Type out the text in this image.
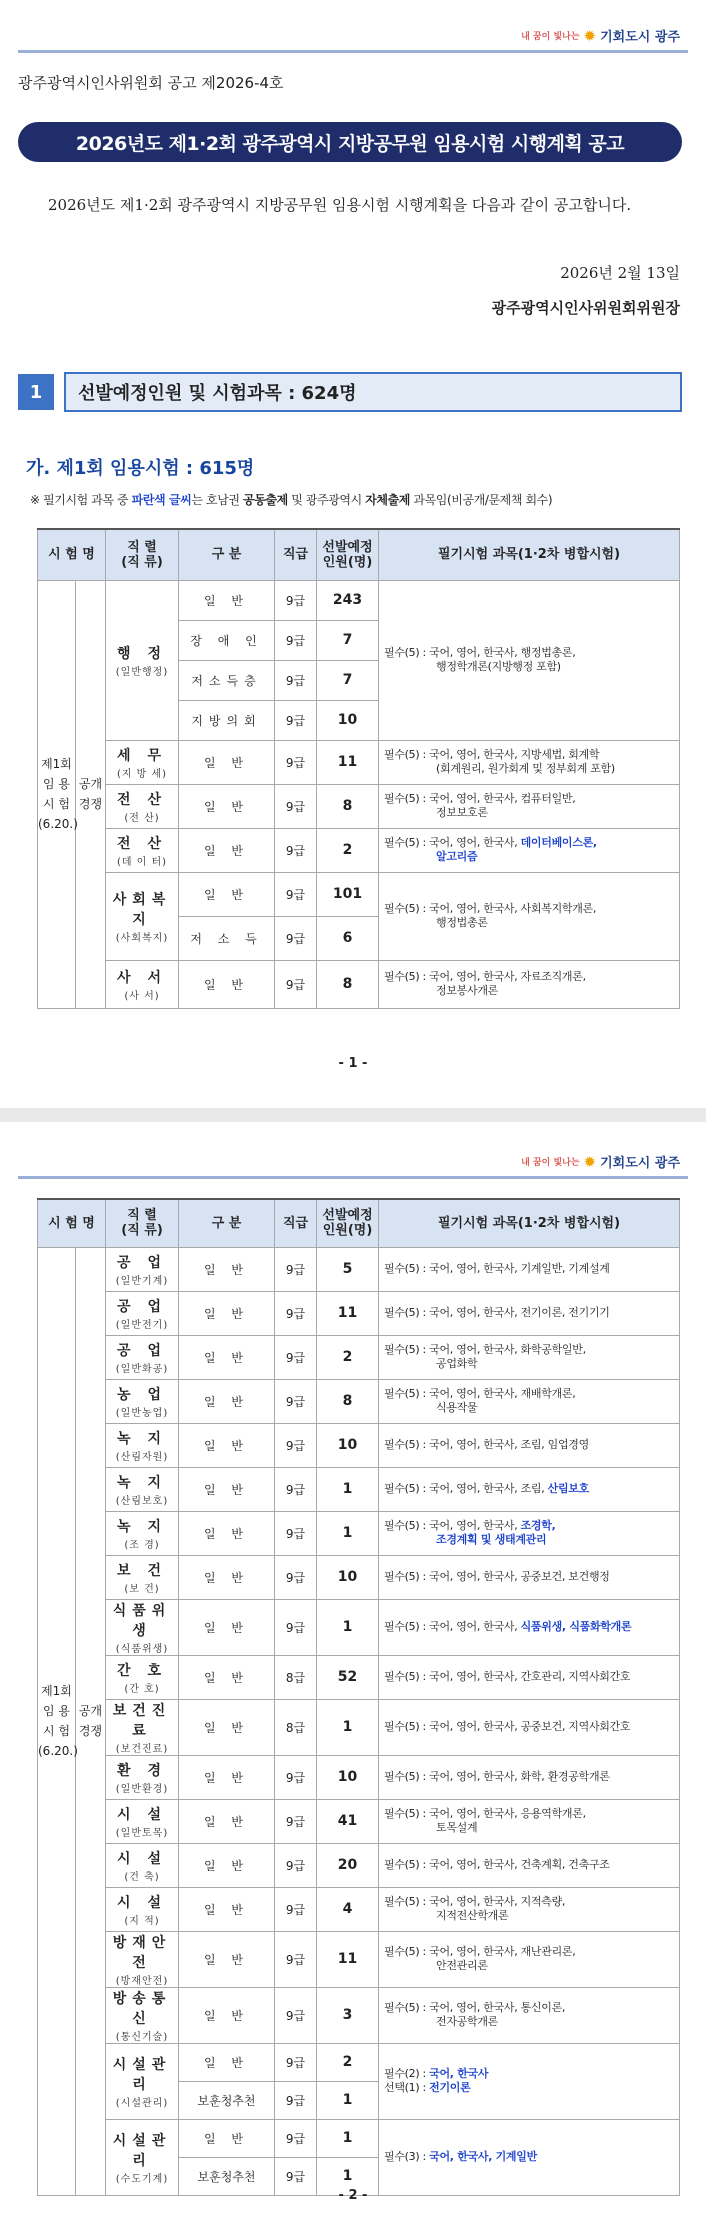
내 꿈이 빛나는 ✹ 기회도시 광주
광주광역시인사위원회 공고 제2026-4호
2026년도 제1·2회 광주광역시 지방공무원 임용시험 시행계획 공고
2026년도 제1·2회 광주광역시 지방공무원 임용시험 시행계획을 다음과 같이 공고합니다.
2026년 2월 13일
광주광역시인사위원회위원장
1	선발예정인원 및 시험과목 : 624명
가. 제1회 임용시험 : 615명
※ 필기시험 과목 중 파란색 글씨는 호남권 공동출제 및 광주광역시 자체출제 과목임(비공개/문제책 회수)
시 험 명		직 렬
(직 류)	구 분	직급	선발예정
인원(명)	필기시험 과목(1·2차 병합시험)
제1회
임 용
시 험
(6.20.)	공개
경쟁	행 정
(일반행정)	일 반	9급	243	필수(5) : 국어, 영어, 한국사, 행정법총론,
행정학개론(지방행정 포함)

			장 애 인	9급	7	
			저소득층	9급	7	
			지방의회	9급	10	

		세 무
(지 방 세)	일 반	9급	11	필수(5) : 국어, 영어, 한국사, 지방세법, 회계학
(회계원리, 원가회계 및 정부회계 포함)

		전 산
(전 산)	일 반	9급	8	필수(5) : 국어, 영어, 한국사, 컴퓨터일반,
정보보호론

		전 산
(데 이 터)	일 반	9급	2	필수(5) : 국어, 영어, 한국사, 데이터베이스론,
알고리즘

		사회복지
(사회복지)	일 반	9급	101	필수(5) : 국어, 영어, 한국사, 사회복지학개론,
행정법총론

			저 소 득	9급	6	

		사 서
(사 서)	일 반	9급	8	필수(5) : 국어, 영어, 한국사, 자료조직개론,
정보봉사개론
- 1 -
내 꿈이 빛나는 ✹ 기회도시 광주
시 험 명		직 렬
(직 류)	구 분	직급	선발예정
인원(명)	필기시험 과목(1·2차 병합시험)
제1회
임 용
시 험
(6.20.)	공개
경쟁	공 업
(일반기계)	일 반	9급	5	필수(5) : 국어, 영어, 한국사, 기계일반, 기계설계

		공 업
(일반전기)	일 반	9급	11	필수(5) : 국어, 영어, 한국사, 전기이론, 전기기기

		공 업
(일반화공)	일 반	9급	2	필수(5) : 국어, 영어, 한국사, 화학공학일반,
공업화학

		농 업
(일반농업)	일 반	9급	8	필수(5) : 국어, 영어, 한국사, 재배학개론,
식용작물

		녹 지
(산림자원)	일 반	9급	10	필수(5) : 국어, 영어, 한국사, 조림, 임업경영

		녹 지
(산림보호)	일 반	9급	1	필수(5) : 국어, 영어, 한국사, 조림, 산림보호

		녹 지
(조 경)	일 반	9급	1	필수(5) : 국어, 영어, 한국사, 조경학,
조경계획 및 생태계관리

		보 건
(보 건)	일 반	9급	10	필수(5) : 국어, 영어, 한국사, 공중보건, 보건행정

		식품위생
(식품위생)	일 반	9급	1	필수(5) : 국어, 영어, 한국사, 식품위생, 식품화학개론

		간 호
(간 호)	일 반	8급	52	필수(5) : 국어, 영어, 한국사, 간호관리, 지역사회간호

		보건진료
(보건진료)	일 반	8급	1	필수(5) : 국어, 영어, 한국사, 공중보건, 지역사회간호

		환 경
(일반환경)	일 반	9급	10	필수(5) : 국어, 영어, 한국사, 화학, 환경공학개론

		시 설
(일반토목)	일 반	9급	41	필수(5) : 국어, 영어, 한국사, 응용역학개론,
토목설계

		시 설
(건 축)	일 반	9급	20	필수(5) : 국어, 영어, 한국사, 건축계획, 건축구조

		시 설
(지 적)	일 반	9급	4	필수(5) : 국어, 영어, 한국사, 지적측량,
지적전산학개론

		방재안전
(방재안전)	일 반	9급	11	필수(5) : 국어, 영어, 한국사, 재난관리론,
안전관리론

		방송통신
(통신기술)	일 반	9급	3	필수(5) : 국어, 영어, 한국사, 통신이론,
전자공학개론

		시설관리
(시설관리)	일 반	9급	2	필수(2) : 국어, 한국사
선택(1) : 전기이론
			보훈청추천	9급	1	

		시설관리
(수도기계)	일 반	9급	1	필수(3) : 국어, 한국사, 기계일반
			보훈청추천	9급	1	
- 2 -
